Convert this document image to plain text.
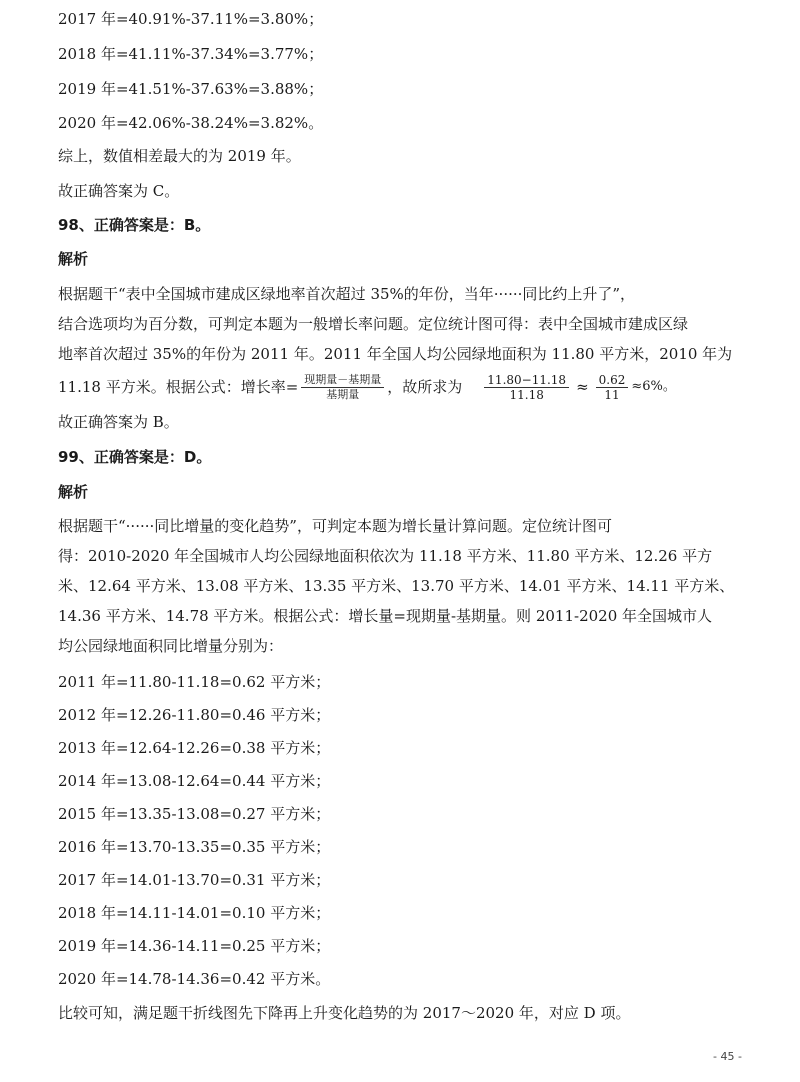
2017 年=40.91%-37.11%=3.80%；
2018 年=41.11%-37.34%=3.77%；
2019 年=41.51%-37.63%=3.88%；
2020 年=42.06%-38.24%=3.82%。
综上，数值相差最大的为 2019 年。
故正确答案为 C。
98、正确答案是：B。
解析
根据题干“表中全国城市建成区绿地率首次超过 35%的年份，当年······同比约上升了”，
结合选项均为百分数，可判定本题为一般增长率问题。定位统计图可得：表中全国城市建成区绿
地率首次超过 35%的年份为 2011 年。2011 年全国人均公园绿地面积为 11.80 平方米，2010 年为
11.18 平方米。根据公式：增长率= $\frac{\text{现期量－基期量}}{\text{基期量}}$ ，故所求为 $\frac{11.80-11.18}{11.18} \approx \frac{0.62}{11} \approx 6\%$。
故正确答案为 B。
99、正确答案是：D。
解析
根据题干“······同比增量的变化趋势”，可判定本题为增长量计算问题。定位统计图可
得：2010-2020 年全国城市人均公园绿地面积依次为 11.18 平方米、11.80 平方米、12.26 平方
米、12.64 平方米、13.08 平方米、13.35 平方米、13.70 平方米、14.01 平方米、14.11 平方米、
14.36 平方米、14.78 平方米。根据公式：增长量=现期量-基期量。则 2011-2020 年全国城市人
均公园绿地面积同比增量分别为：
2011 年=11.80-11.18=0.62 平方米；
2012 年=12.26-11.80=0.46 平方米；
2013 年=12.64-12.26=0.38 平方米；
2014 年=13.08-12.64=0.44 平方米；
2015 年=13.35-13.08=0.27 平方米；
2016 年=13.70-13.35=0.35 平方米；
2017 年=14.01-13.70=0.31 平方米；
2018 年=14.11-14.01=0.10 平方米；
2019 年=14.36-14.11=0.25 平方米；
2020 年=14.78-14.36=0.42 平方米。
比较可知，满足题干折线图先下降再上升变化趋势的为 2017～2020 年，对应 D 项。
- 45 -
